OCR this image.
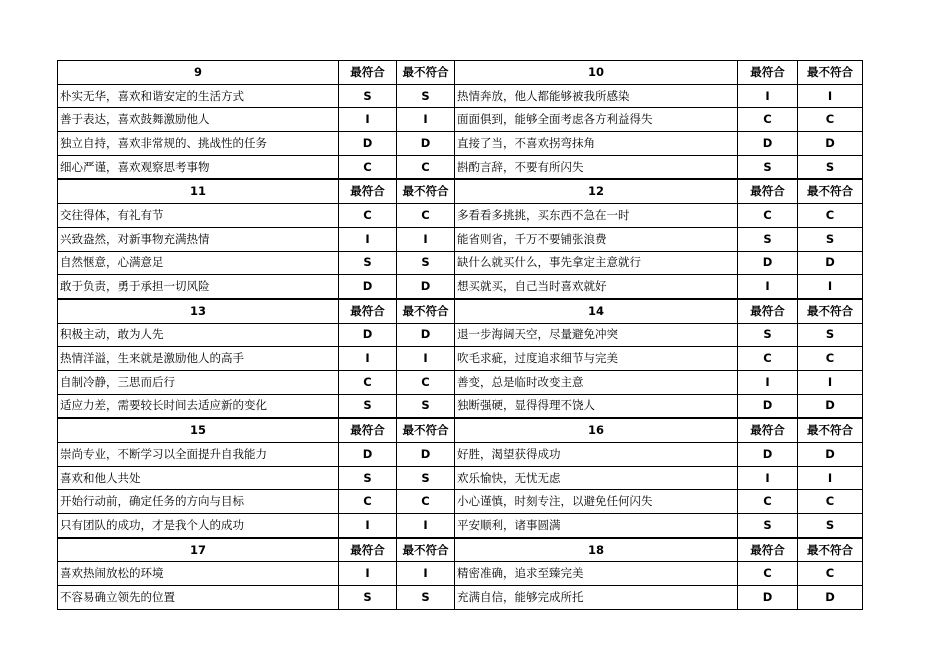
9	最符合	最不符合	10	最符合	最不符合
朴实无华，喜欢和谐安定的生活方式	S	S	热情奔放，他人都能够被我所感染	I	I
善于表达，喜欢鼓舞激励他人	I	I	面面俱到，能够全面考虑各方利益得失	C	C
独立自持，喜欢非常规的、挑战性的任务	D	D	直接了当，不喜欢拐弯抹角	D	D
细心严谨，喜欢观察思考事物	C	C	斟酌言辞，不要有所闪失	S	S
11	最符合	最不符合	12	最符合	最不符合
交往得体，有礼有节	C	C	多看看多挑挑，买东西不急在一时	C	C
兴致盎然，对新事物充满热情	I	I	能省则省，千万不要铺张浪费	S	S
自然惬意，心满意足	S	S	缺什么就买什么，事先拿定主意就行	D	D
敢于负责，勇于承担一切风险	D	D	想买就买，自己当时喜欢就好	I	I
13	最符合	最不符合	14	最符合	最不符合
积极主动，敢为人先	D	D	退一步海阔天空，尽量避免冲突	S	S
热情洋溢，生来就是激励他人的高手	I	I	吹毛求疵，过度追求细节与完美	C	C
自制冷静，三思而后行	C	C	善变，总是临时改变主意	I	I
适应力差，需要较长时间去适应新的变化	S	S	独断强硬，显得得理不饶人	D	D
15	最符合	最不符合	16	最符合	最不符合
崇尚专业，不断学习以全面提升自我能力	D	D	好胜，渴望获得成功	D	D
喜欢和他人共处	S	S	欢乐愉快，无忧无虑	I	I
开始行动前，确定任务的方向与目标	C	C	小心谨慎，时刻专注，以避免任何闪失	C	C
只有团队的成功，才是我个人的成功	I	I	平安顺利，诸事圆满	S	S
17	最符合	最不符合	18	最符合	最不符合
喜欢热闹放松的环境	I	I	精密准确，追求至臻完美	C	C
不容易确立领先的位置	S	S	充满自信，能够完成所托	D	D
